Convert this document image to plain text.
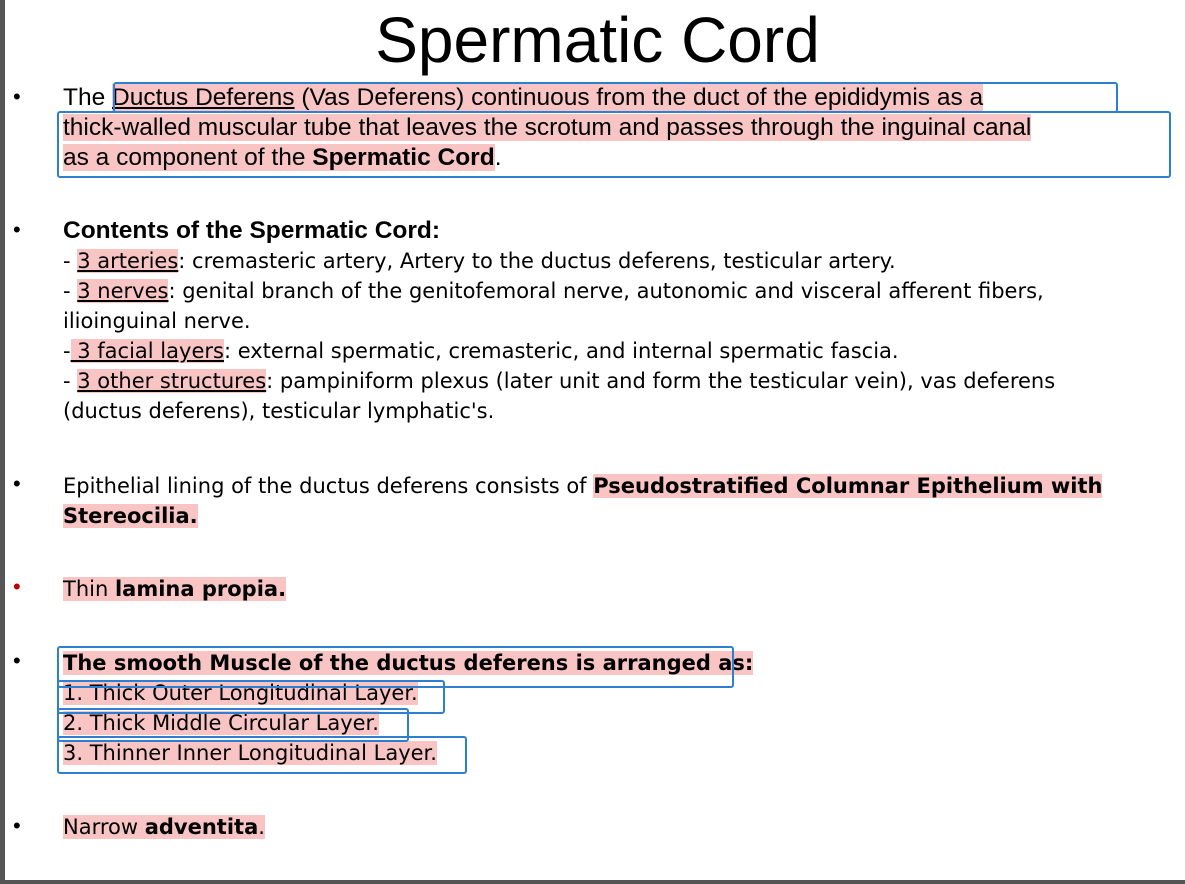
Spermatic Cord
• The Ductus Deferens (Vas Deferens) continuous from the duct of the epididymis as a
thick-walled muscular tube that leaves the scrotum and passes through the inguinal canal
as a component of the Spermatic Cord.
• Contents of the Spermatic Cord:
- 3 arteries: cremasteric artery, Artery to the ductus deferens, testicular artery.
- 3 nerves: genital branch of the genitofemoral nerve, autonomic and visceral afferent fibers,
ilioinguinal nerve.
- 3 facial layers: external spermatic, cremasteric, and internal spermatic fascia.
- 3 other structures: pampiniform plexus (later unit and form the testicular vein), vas deferens
(ductus deferens), testicular lymphatic's.
• Epithelial lining of the ductus deferens consists of Pseudostratified Columnar Epithelium with
Stereocilia.
• Thin lamina propia.
• The smooth Muscle of the ductus deferens is arranged as:
1. Thick Outer Longitudinal Layer.
2. Thick Middle Circular Layer.
3. Thinner Inner Longitudinal Layer.
• Narrow adventita.
